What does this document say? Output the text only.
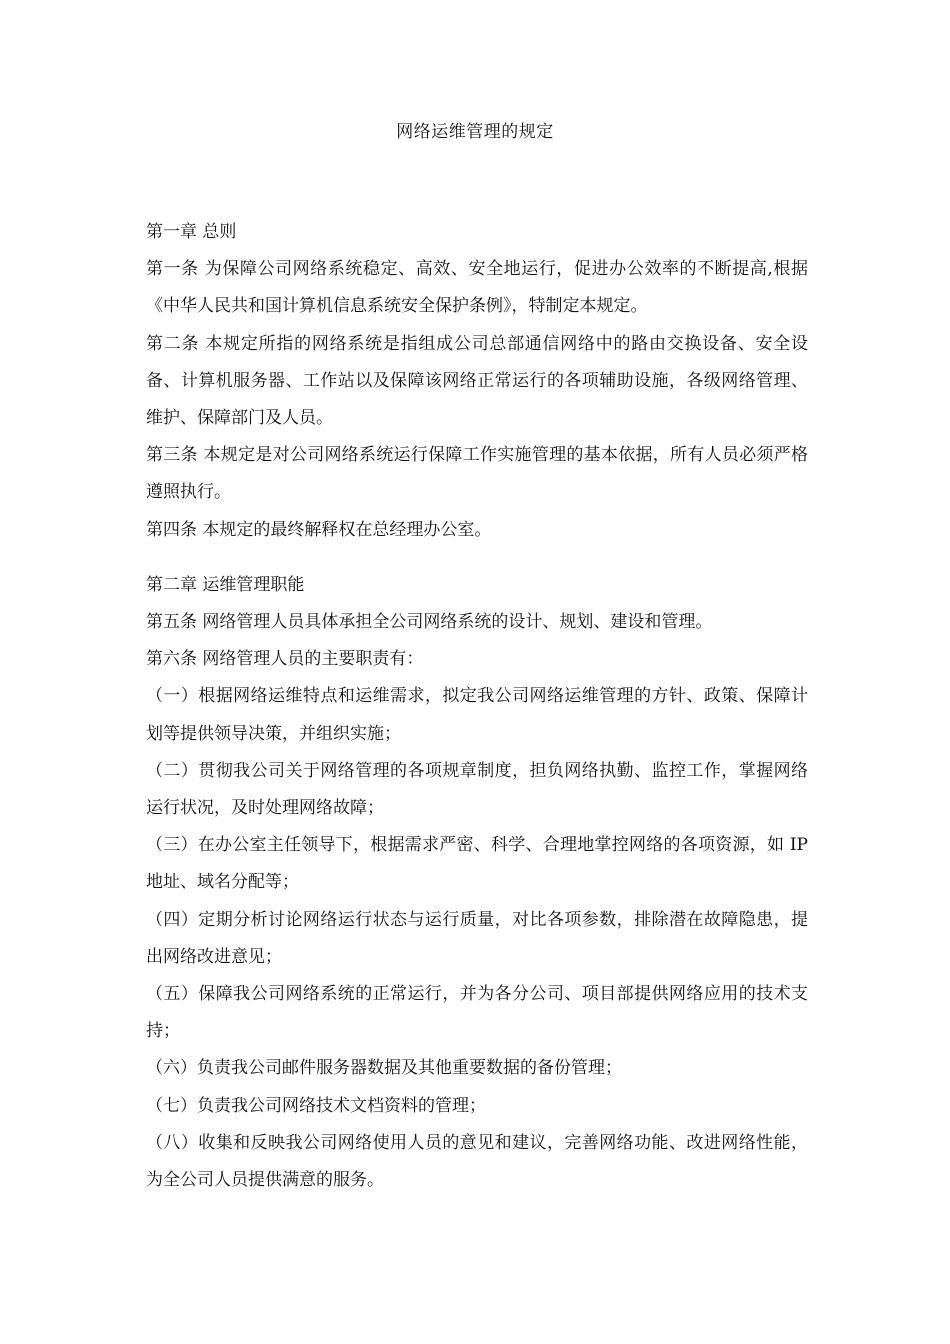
网络运维管理的规定

第一章 总则

第一条 为保障公司网络系统稳定、高效、安全地运行，促进办公效率的不断提高,根据《中华人民共和国计算机信息系统安全保护条例》，特制定本规定。

第二条 本规定所指的网络系统是指组成公司总部通信网络中的路由交换设备、安全设备、计算机服务器、工作站以及保障该网络正常运行的各项辅助设施，各级网络管理、维护、保障部门及人员。

第三条 本规定是对公司网络系统运行保障工作实施管理的基本依据，所有人员必须严格遵照执行。

第四条 本规定的最终解释权在总经理办公室。

第二章 运维管理职能

第五条 网络管理人员具体承担全公司网络系统的设计、规划、建设和管理。

第六条 网络管理人员的主要职责有：

（一）根据网络运维特点和运维需求，拟定我公司网络运维管理的方针、政策、保障计划等提供领导决策，并组织实施；

（二）贯彻我公司关于网络管理的各项规章制度，担负网络执勤、监控工作，掌握网络运行状况，及时处理网络故障；

（三）在办公室主任领导下，根据需求严密、科学、合理地掌控网络的各项资源，如 IP 地址、域名分配等；

（四）定期分析讨论网络运行状态与运行质量，对比各项参数，排除潜在故障隐患，提出网络改进意见；

（五）保障我公司网络系统的正常运行，并为各分公司、项目部提供网络应用的技术支持；

（六）负责我公司邮件服务器数据及其他重要数据的备份管理；

（七）负责我公司网络技术文档资料的管理；

（八）收集和反映我公司网络使用人员的意见和建议，完善网络功能、改进网络性能，为全公司人员提供满意的服务。
